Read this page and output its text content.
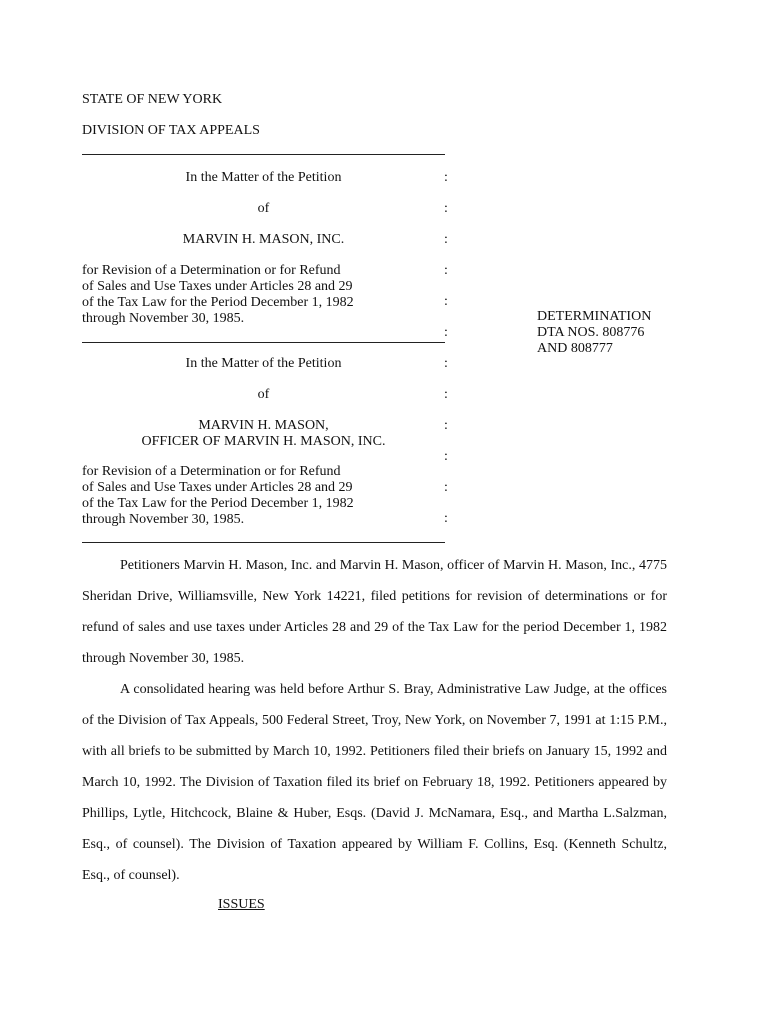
STATE OF NEW YORK
DIVISION OF TAX APPEALS
In the Matter of the Petition
of
MARVIN H. MASON, INC.
for Revision of a Determination or for Refund
of Sales and Use Taxes under Articles 28 and 29
of the Tax Law for the Period December 1, 1982
through November 30, 1985.
In the Matter of the Petition
of
MARVIN H. MASON,
OFFICER OF MARVIN H. MASON, INC.
for Revision of a Determination or for Refund
of Sales and Use Taxes under Articles 28 and 29
of the Tax Law for the Period December 1, 1982
through November 30, 1985.
:
:
:
:
:
:
:
:
:
:
:
:
DETERMINATION
DTA NOS. 808776
AND 808777
Petitioners Marvin H. Mason, Inc. and Marvin H. Mason, officer of Marvin H. Mason, Inc., 4775 Sheridan Drive, Williamsville, New York 14221, filed petitions for revision of determinations or for refund of sales and use taxes under Articles 28 and 29 of the Tax Law for the period December 1, 1982 through November 30, 1985.
A consolidated hearing was held before Arthur S. Bray, Administrative Law Judge, at the offices of the Division of Tax Appeals, 500 Federal Street, Troy, New York, on November 7, 1991 at 1:15 P.M., with all briefs to be submitted by March 10, 1992. Petitioners filed their briefs on January 15, 1992 and March 10, 1992. The Division of Taxation filed its brief on February 18, 1992. Petitioners appeared by Phillips, Lytle, Hitchcock, Blaine & Huber, Esqs. (David J. McNamara, Esq., and Martha L.Salzman, Esq., of counsel). The Division of Taxation appeared by William F. Collins, Esq. (Kenneth Schultz, Esq., of counsel).
ISSUES
